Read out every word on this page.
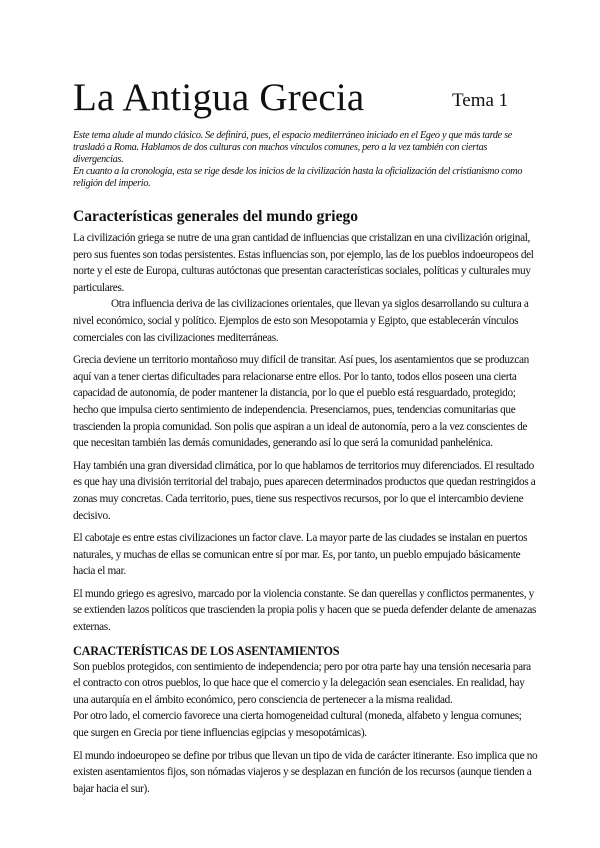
La Antigua Grecia	Tema 1

Este tema alude al mundo clásico. Se definirá, pues, el espacio mediterráneo iniciado en el Egeo y que más tarde se trasladó a Roma. Hablamos de dos culturas con muchos vínculos comunes, pero a la vez también con ciertas divergencias.

En cuanto a la cronología, esta se rige desde los inicios de la civilización hasta la oficialización del cristianismo como religión del imperio.

Características generales del mundo griego

La civilización griega se nutre de una gran cantidad de influencias que cristalizan en una civilización original, pero sus fuentes son todas persistentes. Estas influencias son, por ejemplo, las de los pueblos indoeuropeos del norte y el este de Europa, culturas autóctonas que presentan características sociales, políticas y culturales muy particulares.

Otra influencia deriva de las civilizaciones orientales, que llevan ya siglos desarrollando su cultura a nivel económico, social y político. Ejemplos de esto son Mesopotamia y Egipto, que establecerán vínculos comerciales con las civilizaciones mediterráneas.

Grecia deviene un territorio montañoso muy difícil de transitar. Así pues, los asentamientos que se produzcan aquí van a tener ciertas dificultades para relacionarse entre ellos. Por lo tanto, todos ellos poseen una cierta capacidad de autonomía, de poder mantener la distancia, por lo que el pueblo está resguardado, protegido; hecho que impulsa cierto sentimiento de independencia. Presenciamos, pues, tendencias comunitarias que trascienden la propia comunidad. Son polis que aspiran a un ideal de autonomía, pero a la vez conscientes de que necesitan también las demás comunidades, generando así lo que será la comunidad panhelénica.

Hay también una gran diversidad climática, por lo que hablamos de territorios muy diferenciados. El resultado es que hay una división territorial del trabajo, pues aparecen determinados productos que quedan restringidos a zonas muy concretas. Cada territorio, pues, tiene sus respectivos recursos, por lo que el intercambio deviene decisivo.

El cabotaje es entre estas civilizaciones un factor clave. La mayor parte de las ciudades se instalan en puertos naturales, y muchas de ellas se comunican entre sí por mar. Es, por tanto, un pueblo empujado básicamente hacia el mar.

El mundo griego es agresivo, marcado por la violencia constante. Se dan querellas y conflictos permanentes, y se extienden lazos políticos que trascienden la propia polis y hacen que se pueda defender delante de amenazas externas.

CARACTERÍSTICAS DE LOS ASENTAMIENTOS

Son pueblos protegidos, con sentimiento de independencia; pero por otra parte hay una tensión necesaria para el contracto con otros pueblos, lo que hace que el comercio y la delegación sean esenciales. En realidad, hay una autarquía en el ámbito económico, pero consciencia de pertenecer a la misma realidad.

Por otro lado, el comercio favorece una cierta homogeneidad cultural (moneda, alfabeto y lengua comunes; que surgen en Grecia por tiene influencias egipcias y mesopotámicas).

El mundo indoeuropeo se define por tribus que llevan un tipo de vida de carácter itinerante. Eso implica que no existen asentamientos fijos, son nómadas viajeros y se desplazan en función de los recursos (aunque tienden a bajar hacia el sur).
